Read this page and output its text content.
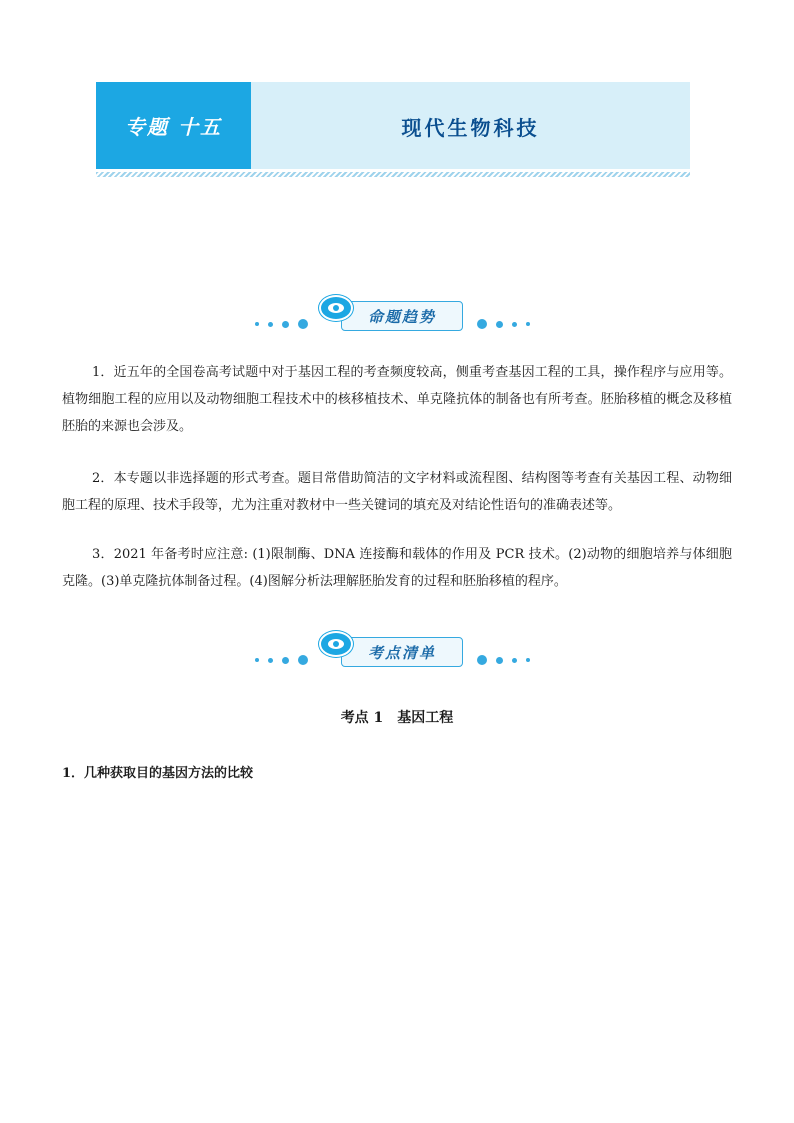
专题 十五	现代生物科技
命题趋势
1．近五年的全国卷高考试题中对于基因工程的考查频度较高，侧重考查基因工程的工具，操作程序与应用等。植物细胞工程的应用以及动物细胞工程技术中的核移植技术、单克隆抗体的制备也有所考查。胚胎移植的概念及移植胚胎的来源也会涉及。
2．本专题以非选择题的形式考查。题目常借助简洁的文字材料或流程图、结构图等考查有关基因工程、动物细胞工程的原理、技术手段等，尤为注重对教材中一些关键词的填充及对结论性语句的准确表述等。
3．2021 年备考时应注意: (1)限制酶、DNA 连接酶和载体的作用及 PCR 技术。(2)动物的细胞培养与体细胞克隆。(3)单克隆抗体制备过程。(4)图解分析法理解胚胎发育的过程和胚胎移植的程序。
考点清单
考点 1　基因工程
1．几种获取目的基因方法的比较
